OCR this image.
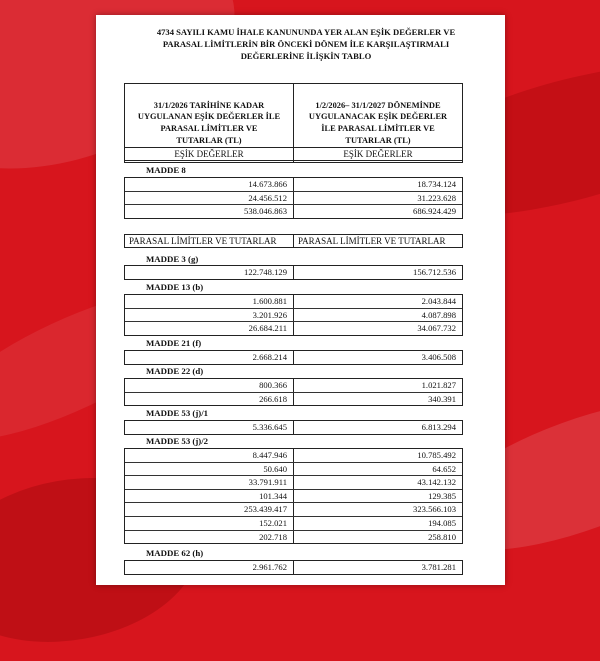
4734 SAYILI KAMU İHALE KANUNUNDA YER ALAN EŞİK DEĞERLER VE
PARASAL LİMİTLERİN BİR ÖNCEKİ DÖNEM İLE KARŞILAŞTIRMALI
DEĞERLERİNE İLİŞKİN TABLO
31/1/2026 TARİHİNE KADAR
UYGULANAN EŞİK DEĞERLER İLE
PARASAL LİMİTLER VE
TUTARLAR (TL)
1/2/2026– 31/1/2027 DÖNEMİNDE
UYGULANACAK EŞİK DEĞERLER
İLE PARASAL LİMİTLER VE
TUTARLAR (TL)
EŞİK DEĞERLER	EŞİK DEĞERLER
MADDE 8
14.673.866	18.734.124
24.456.512	31.223.628
538.046.863	686.924.429
PARASAL LİMİTLER VE TUTARLAR	PARASAL LİMİTLER VE TUTARLAR
MADDE 3 (g)
122.748.129	156.712.536
MADDE 13 (b)
1.600.881	2.043.844
3.201.926	4.087.898
26.684.211	34.067.732
MADDE 21 (f)
2.668.214	3.406.508
MADDE 22 (d)
800.366	1.021.827
266.618	340.391
MADDE 53 (j)/1
5.336.645	6.813.294
MADDE 53 (j)/2
8.447.946	10.785.492
50.640	64.652
33.791.911	43.142.132
101.344	129.385
253.439.417	323.566.103
152.021	194.085
202.718	258.810
MADDE 62 (h)
2.961.762	3.781.281
